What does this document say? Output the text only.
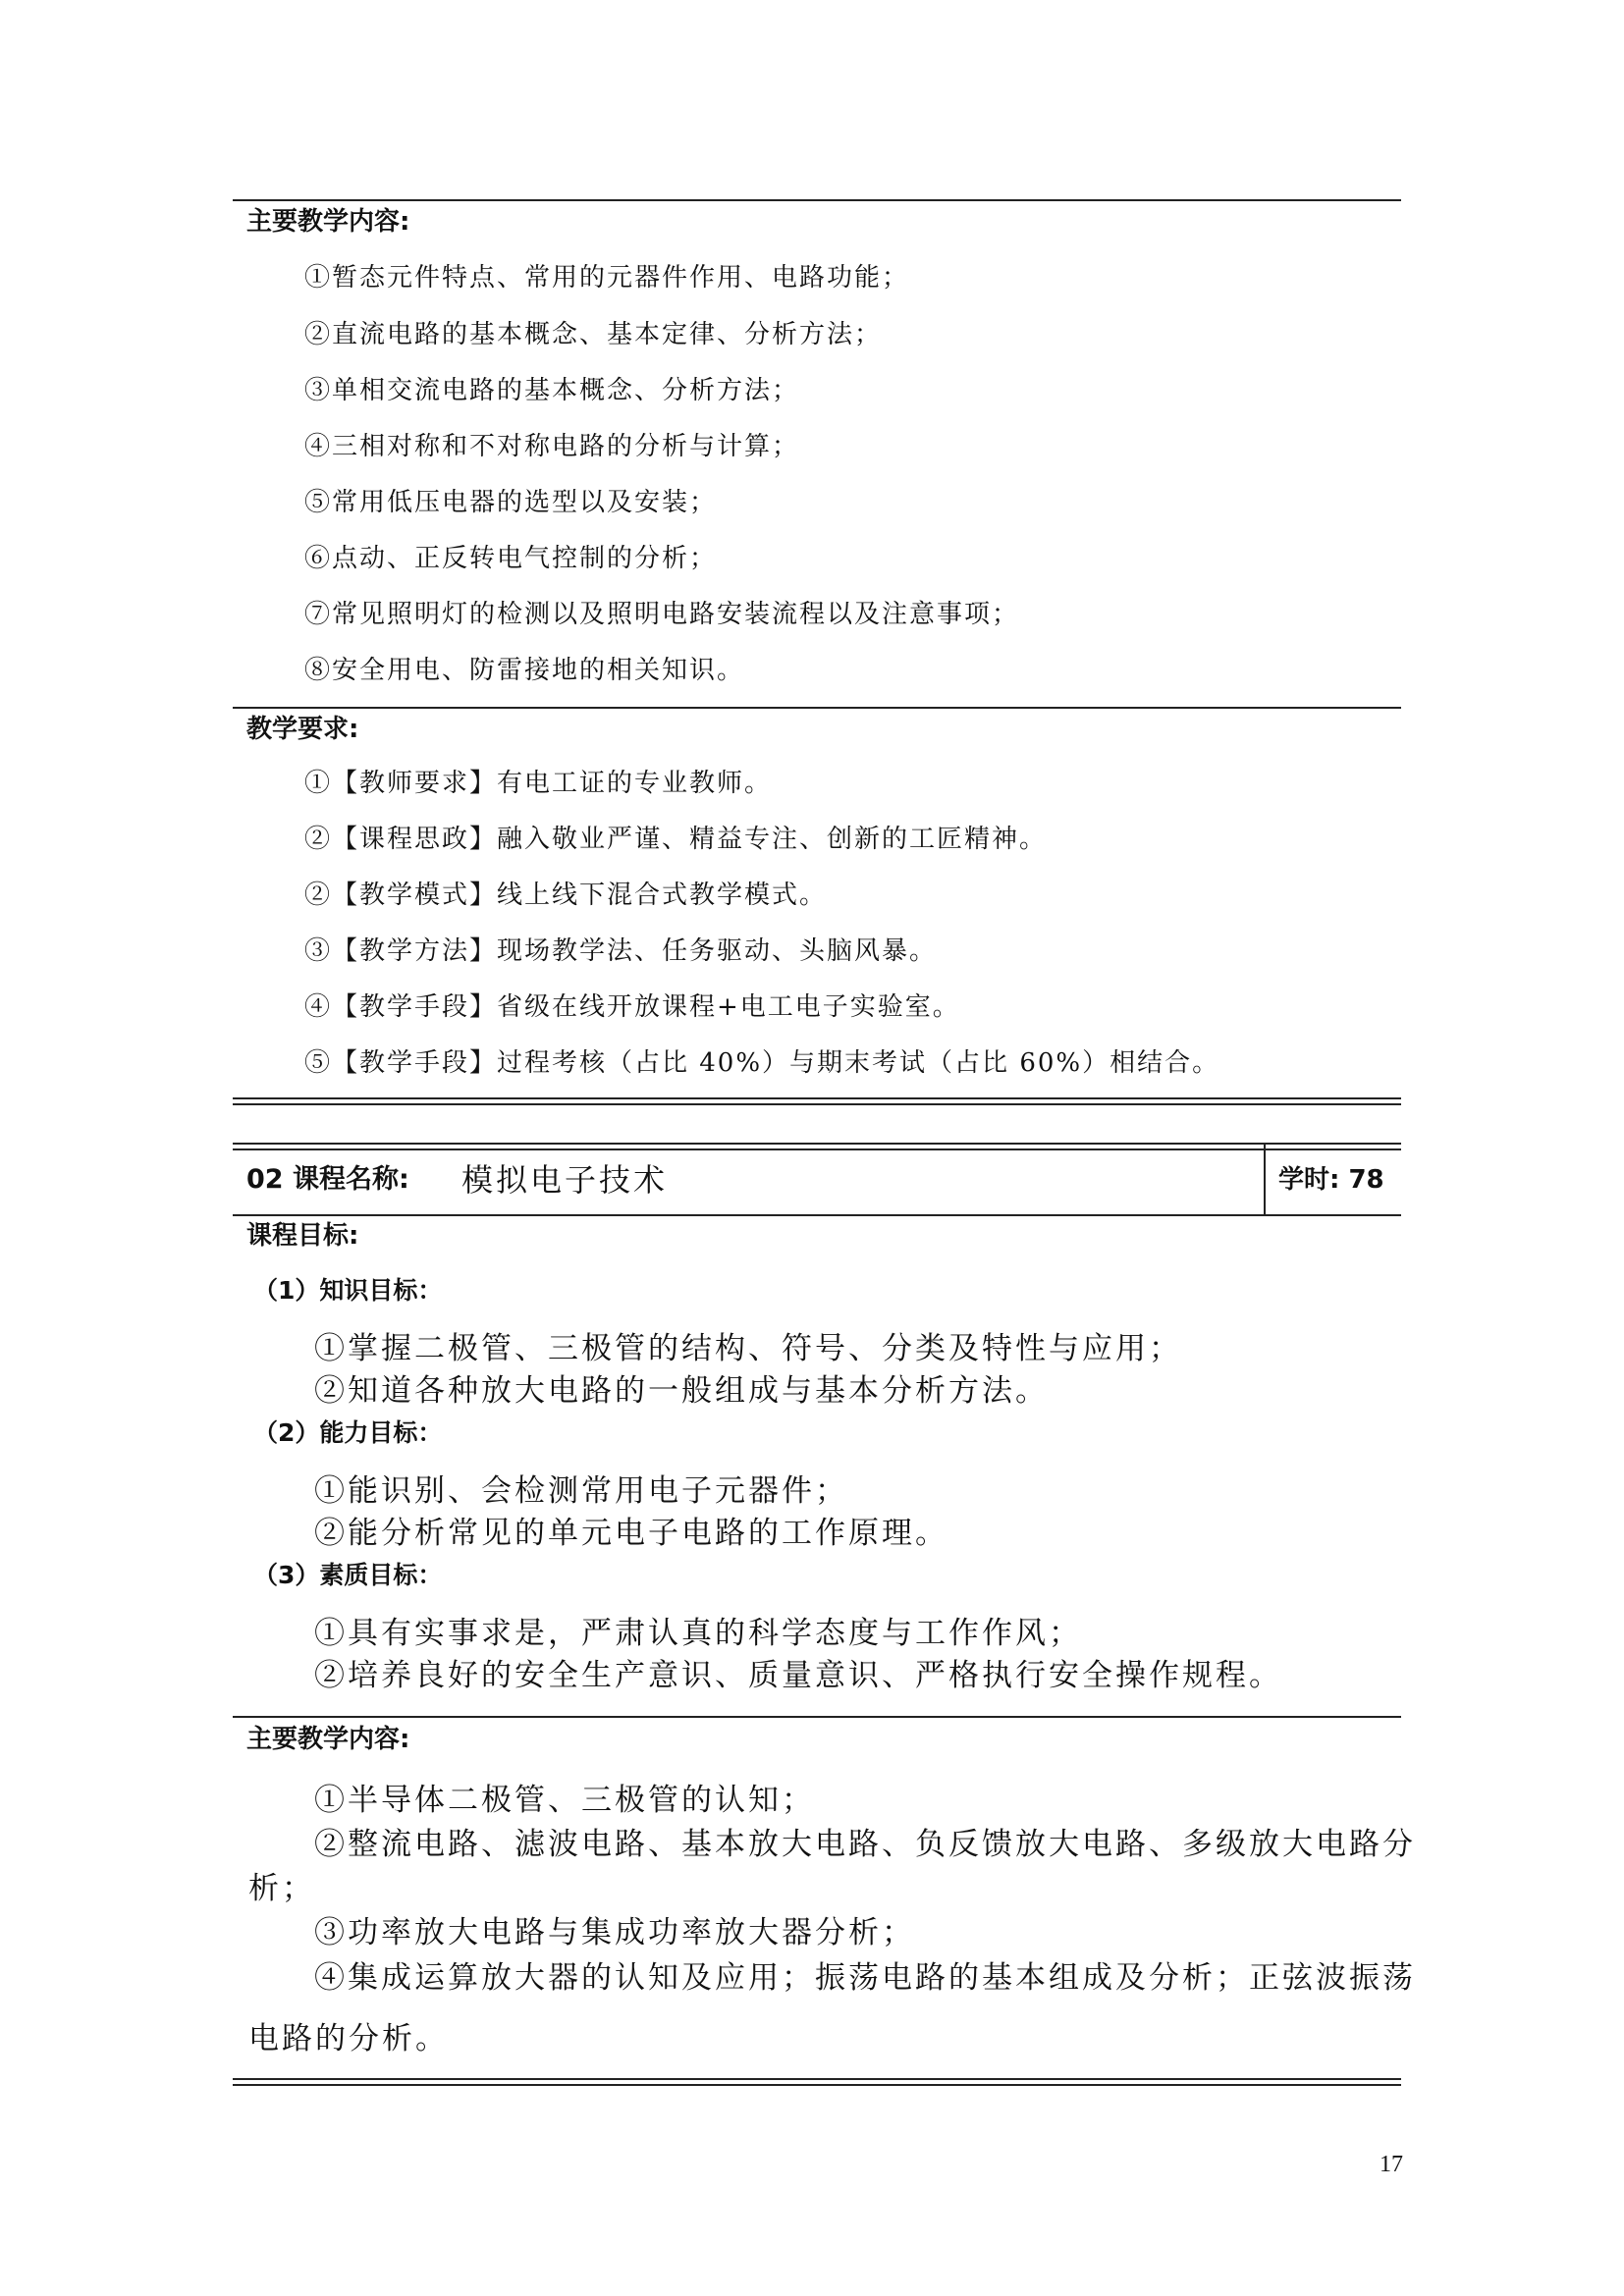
主要教学内容:
①暂态元件特点、常用的元器件作用、电路功能；
②直流电路的基本概念、基本定律、分析方法；
③单相交流电路的基本概念、分析方法；
④三相对称和不对称电路的分析与计算；
⑤常用低压电器的选型以及安装；
⑥点动、正反转电气控制的分析；
⑦常见照明灯的检测以及照明电路安装流程以及注意事项；
⑧安全用电、防雷接地的相关知识。
教学要求:
①【教师要求】有电工证的专业教师。
②【课程思政】融入敬业严谨、精益专注、创新的工匠精神。
②【教学模式】线上线下混合式教学模式。
③【教学方法】现场教学法、任务驱动、头脑风暴。
④【教学手段】省级在线开放课程+电工电子实验室。
⑤【教学手段】过程考核（占比 40%）与期末考试（占比 60%）相结合。
02 课程名称: 模拟电子技术	学时: 78
课程目标:
（1）知识目标：
①掌握二极管、三极管的结构、符号、分类及特性与应用；
②知道各种放大电路的一般组成与基本分析方法。
（2）能力目标：
①能识别、会检测常用电子元器件；
②能分析常见的单元电子电路的工作原理。
（3）素质目标：
①具有实事求是，严肃认真的科学态度与工作作风；
②培养良好的安全生产意识、质量意识、严格执行安全操作规程。
主要教学内容:
①半导体二极管、三极管的认知；
②整流电路、滤波电路、基本放大电路、负反馈放大电路、多级放大电路分
析；
③功率放大电路与集成功率放大器分析；
④集成运算放大器的认知及应用；振荡电路的基本组成及分析；正弦波振荡
电路的分析。
17
